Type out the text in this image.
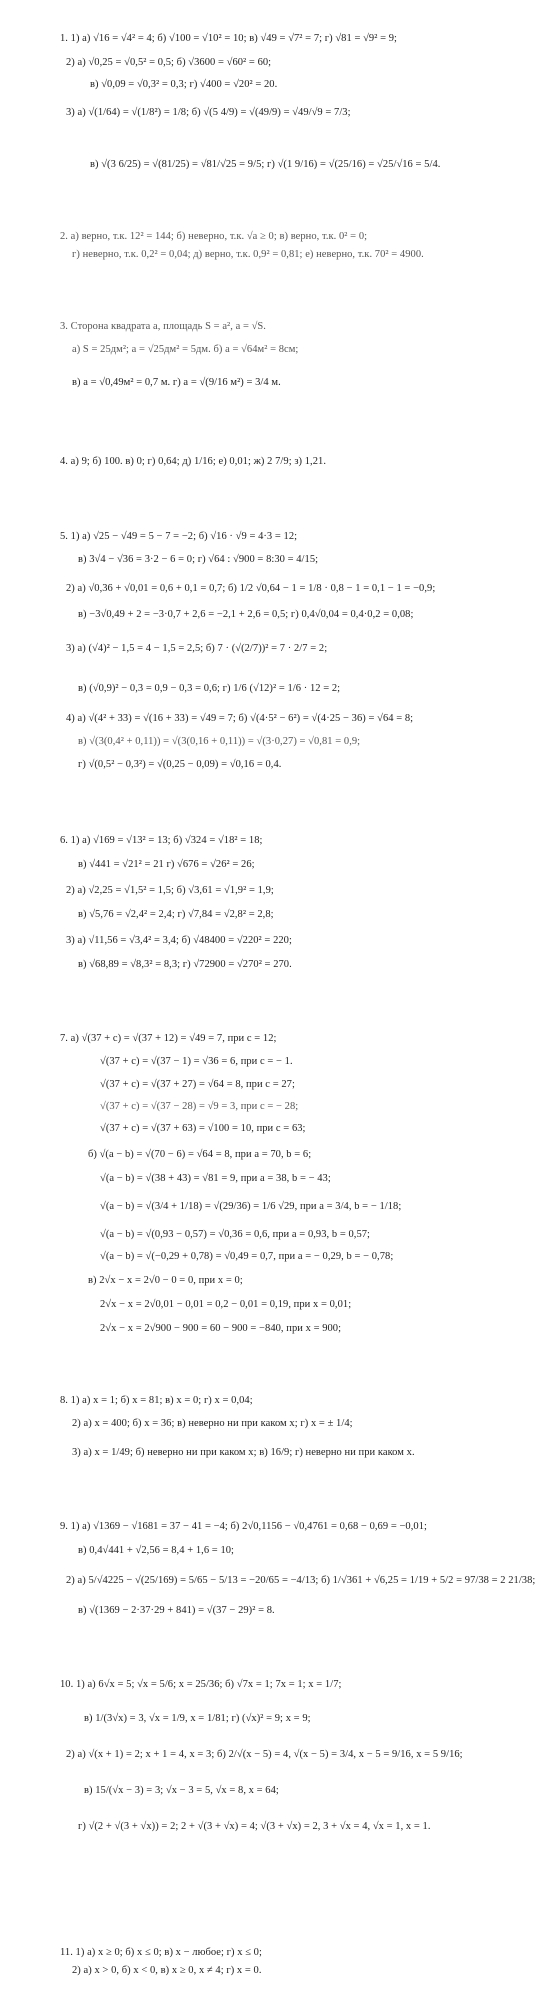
1. 1) а) √16 = √4² = 4; б) √100 = √10² = 10; в) √49 = √7² = 7; г) √81 = √9² = 9;
2) а) √0,25 = √0,5² = 0,5; б) √3600 = √60² = 60;
в) √0,09 = √0,3² = 0,3; г) √400 = √20² = 20.
3) а) √(1/64) = √(1/8²) = 1/8; б) √(5 4/9) = √(49/9) = √49/√9 = 7/3;
в) √(3 6/25) = √(81/25) = √81/√25 = 9/5; г) √(1 9/16) = √(25/16) = √25/√16 = 5/4.
2. а) верно, т.к. 12² = 144; б) неверно, т.к. √a ≥ 0; в) верно, т.к. 0² = 0;
г) неверно, т.к. 0,2² = 0,04; д) верно, т.к. 0,9² = 0,81; е) неверно, т.к. 70² = 4900.
3. Сторона квадрата a, площадь S = a², a = √S.
а) S = 25дм²; a = √25дм² = 5дм. б) a = √64м² = 8см;
в) a = √0,49м² = 0,7 м. г) a = √(9/16 м²) = 3/4 м.
4. а) 9; б) 100. в) 0; г) 0,64; д) 1/16; е) 0,01; ж) 2 7/9; з) 1,21.
5. 1) а) √25 − √49 = 5 − 7 = −2; б) √16 · √9 = 4·3 = 12;
в) 3√4 − √36 = 3·2 − 6 = 0; г) √64 : √900 = 8:30 = 4/15;
2) а) √0,36 + √0,01 = 0,6 + 0,1 = 0,7; б) 1/2 √0,64 − 1 = 1/8 · 0,8 − 1 = 0,1 − 1 = −0,9;
в) −3√0,49 + 2 = −3·0,7 + 2,6 = −2,1 + 2,6 = 0,5; г) 0,4√0,04 = 0,4·0,2 = 0,08;
3) а) (√4)² − 1,5 = 4 − 1,5 = 2,5; б) 7 · (√(2/7))² = 7 · 2/7 = 2;
в) (√0,9)² − 0,3 = 0,9 − 0,3 = 0,6; г) 1/6 (√12)² = 1/6 · 12 = 2;
4) а) √(4² + 33) = √(16 + 33) = √49 = 7; б) √(4·5² − 6²) = √(4·25 − 36) = √64 = 8;
в) √(3(0,4² + 0,11)) = √(3(0,16 + 0,11)) = √(3·0,27) = √0,81 = 0,9;
г) √(0,5² − 0,3²) = √(0,25 − 0,09) = √0,16 = 0,4.
6. 1) а) √169 = √13² = 13; б) √324 = √18² = 18;
в) √441 = √21² = 21 г) √676 = √26² = 26;
2) а) √2,25 = √1,5² = 1,5; б) √3,61 = √1,9² = 1,9;
в) √5,76 = √2,4² = 2,4; г) √7,84 = √2,8² = 2,8;
3) а) √11,56 = √3,4² = 3,4; б) √48400 = √220² = 220;
в) √68,89 = √8,3² = 8,3; г) √72900 = √270² = 270.
7. а) √(37 + c) = √(37 + 12) = √49 = 7, при c = 12;
√(37 + c) = √(37 − 1) = √36 = 6, при c = − 1.
√(37 + c) = √(37 + 27) = √64 = 8, при c = 27;
√(37 + c) = √(37 − 28) = √9 = 3, при c = − 28;
√(37 + c) = √(37 + 63) = √100 = 10, при c = 63;
б) √(a − b) = √(70 − 6) = √64 = 8, при a = 70, b = 6;
√(a − b) = √(38 + 43) = √81 = 9, при a = 38, b = − 43;
√(a − b) = √(3/4 + 1/18) = √(29/36) = 1/6 √29, при a = 3/4, b = − 1/18;
√(a − b) = √(0,93 − 0,57) = √0,36 = 0,6, при a = 0,93, b = 0,57;
√(a − b) = √(−0,29 + 0,78) = √0,49 = 0,7, при a = − 0,29, b = − 0,78;
в) 2√x − x = 2√0 − 0 = 0, при x = 0;
2√x − x = 2√0,01 − 0,01 = 0,2 − 0,01 = 0,19, при x = 0,01;
2√x − x = 2√900 − 900 = 60 − 900 = −840, при x = 900;
8. 1) а) x = 1; б) x = 81; в) x = 0; г) x = 0,04;
2) а) x = 400; б) x = 36; в) неверно ни при каком x; г) x = ± 1/4;
3) а) x = 1/49; б) неверно ни при каком x; в) 16/9; г) неверно ни при каком x.
9. 1) а) √1369 − √1681 = 37 − 41 = −4; б) 2√0,1156 − √0,4761 = 0,68 − 0,69 = −0,01;
в) 0,4√441 + √2,56 = 8,4 + 1,6 = 10;
2) а) 5/√4225 − √(25/169) = 5/65 − 5/13 = −20/65 = −4/13; б) 1/√361 + √6,25 = 1/19 + 5/2 = 97/38 = 2 21/38;
в) √(1369 − 2·37·29 + 841) = √(37 − 29)² = 8.
10. 1) а) 6√x = 5; √x = 5/6; x = 25/36; б) √7x = 1; 7x = 1; x = 1/7;
в) 1/(3√x) = 3, √x = 1/9, x = 1/81; г) (√x)² = 9; x = 9;
2) а) √(x + 1) = 2; x + 1 = 4, x = 3; б) 2/√(x − 5) = 4, √(x − 5) = 3/4, x − 5 = 9/16, x = 5 9/16;
в) 15/(√x − 3) = 3; √x − 3 = 5, √x = 8, x = 64;
г) √(2 + √(3 + √x)) = 2; 2 + √(3 + √x) = 4; √(3 + √x) = 2, 3 + √x = 4, √x = 1, x = 1.
11. 1) а) x ≥ 0; б) x ≤ 0; в) x − любое; г) x ≤ 0;
2) а) x > 0, б) x < 0, в) x ≥ 0, x ≠ 4; г) x = 0.
